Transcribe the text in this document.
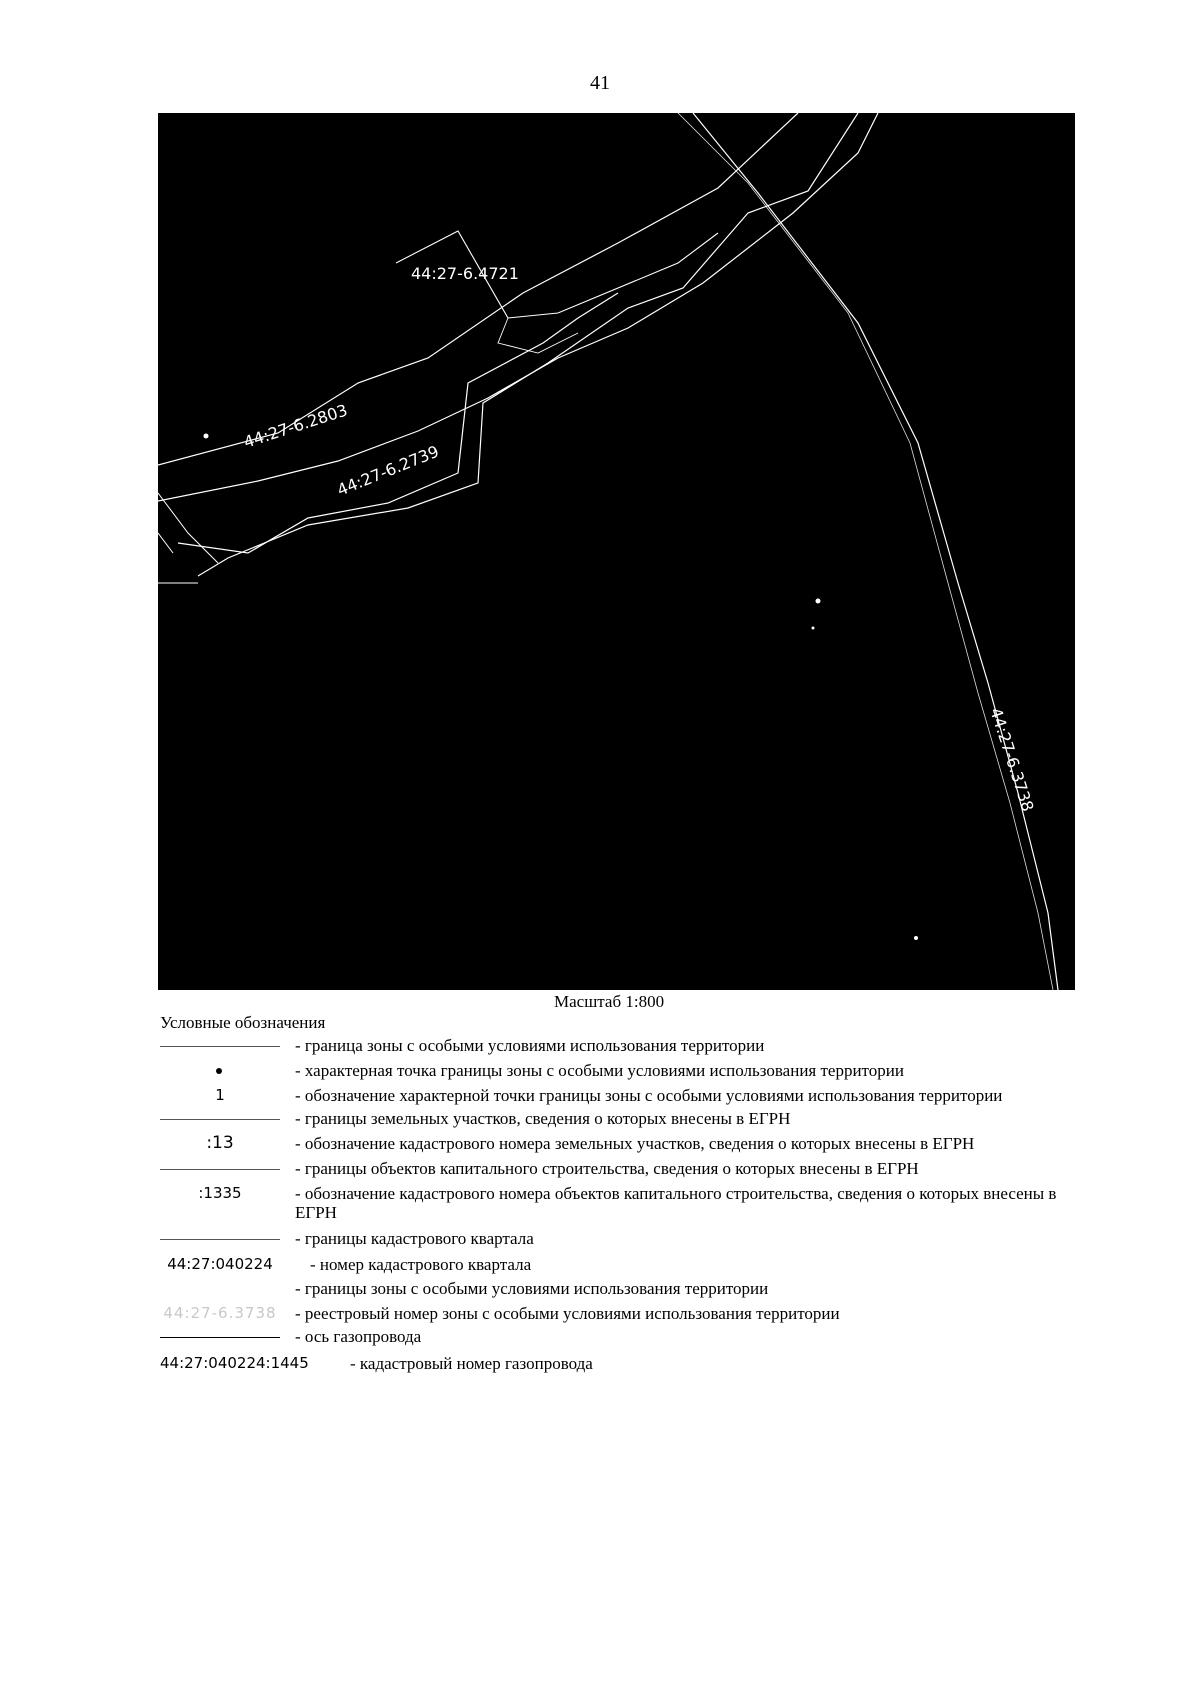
41
44:27-6.4721
44:27-6.2803
44:27-6.2739
44:27-6.3738
Масштаб 1:800
Условные обозначения
- граница зоны с особыми условиями использования территории
- характерная точка границы зоны с особыми условиями использования территории
1	- обозначение характерной точки границы зоны с особыми условиями использования территории
- границы земельных участков, сведения о которых внесены в ЕГРН
:13	- обозначение кадастрового номера земельных участков, сведения о которых внесены в ЕГРН
- границы объектов капитального строительства, сведения о которых внесены в ЕГРН
:1335	- обозначение кадастрового номера объектов капитального строительства, сведения о которых внесены в ЕГРН
- границы кадастрового квартала
44:27:040224	- номер кадастрового квартала
- границы зоны с особыми условиями использования территории
44:27-6.3738 - реестровый номер зоны с особыми условиями использования территории
- ось газопровода
44:27:040224:1445	- кадастровый номер газопровода
